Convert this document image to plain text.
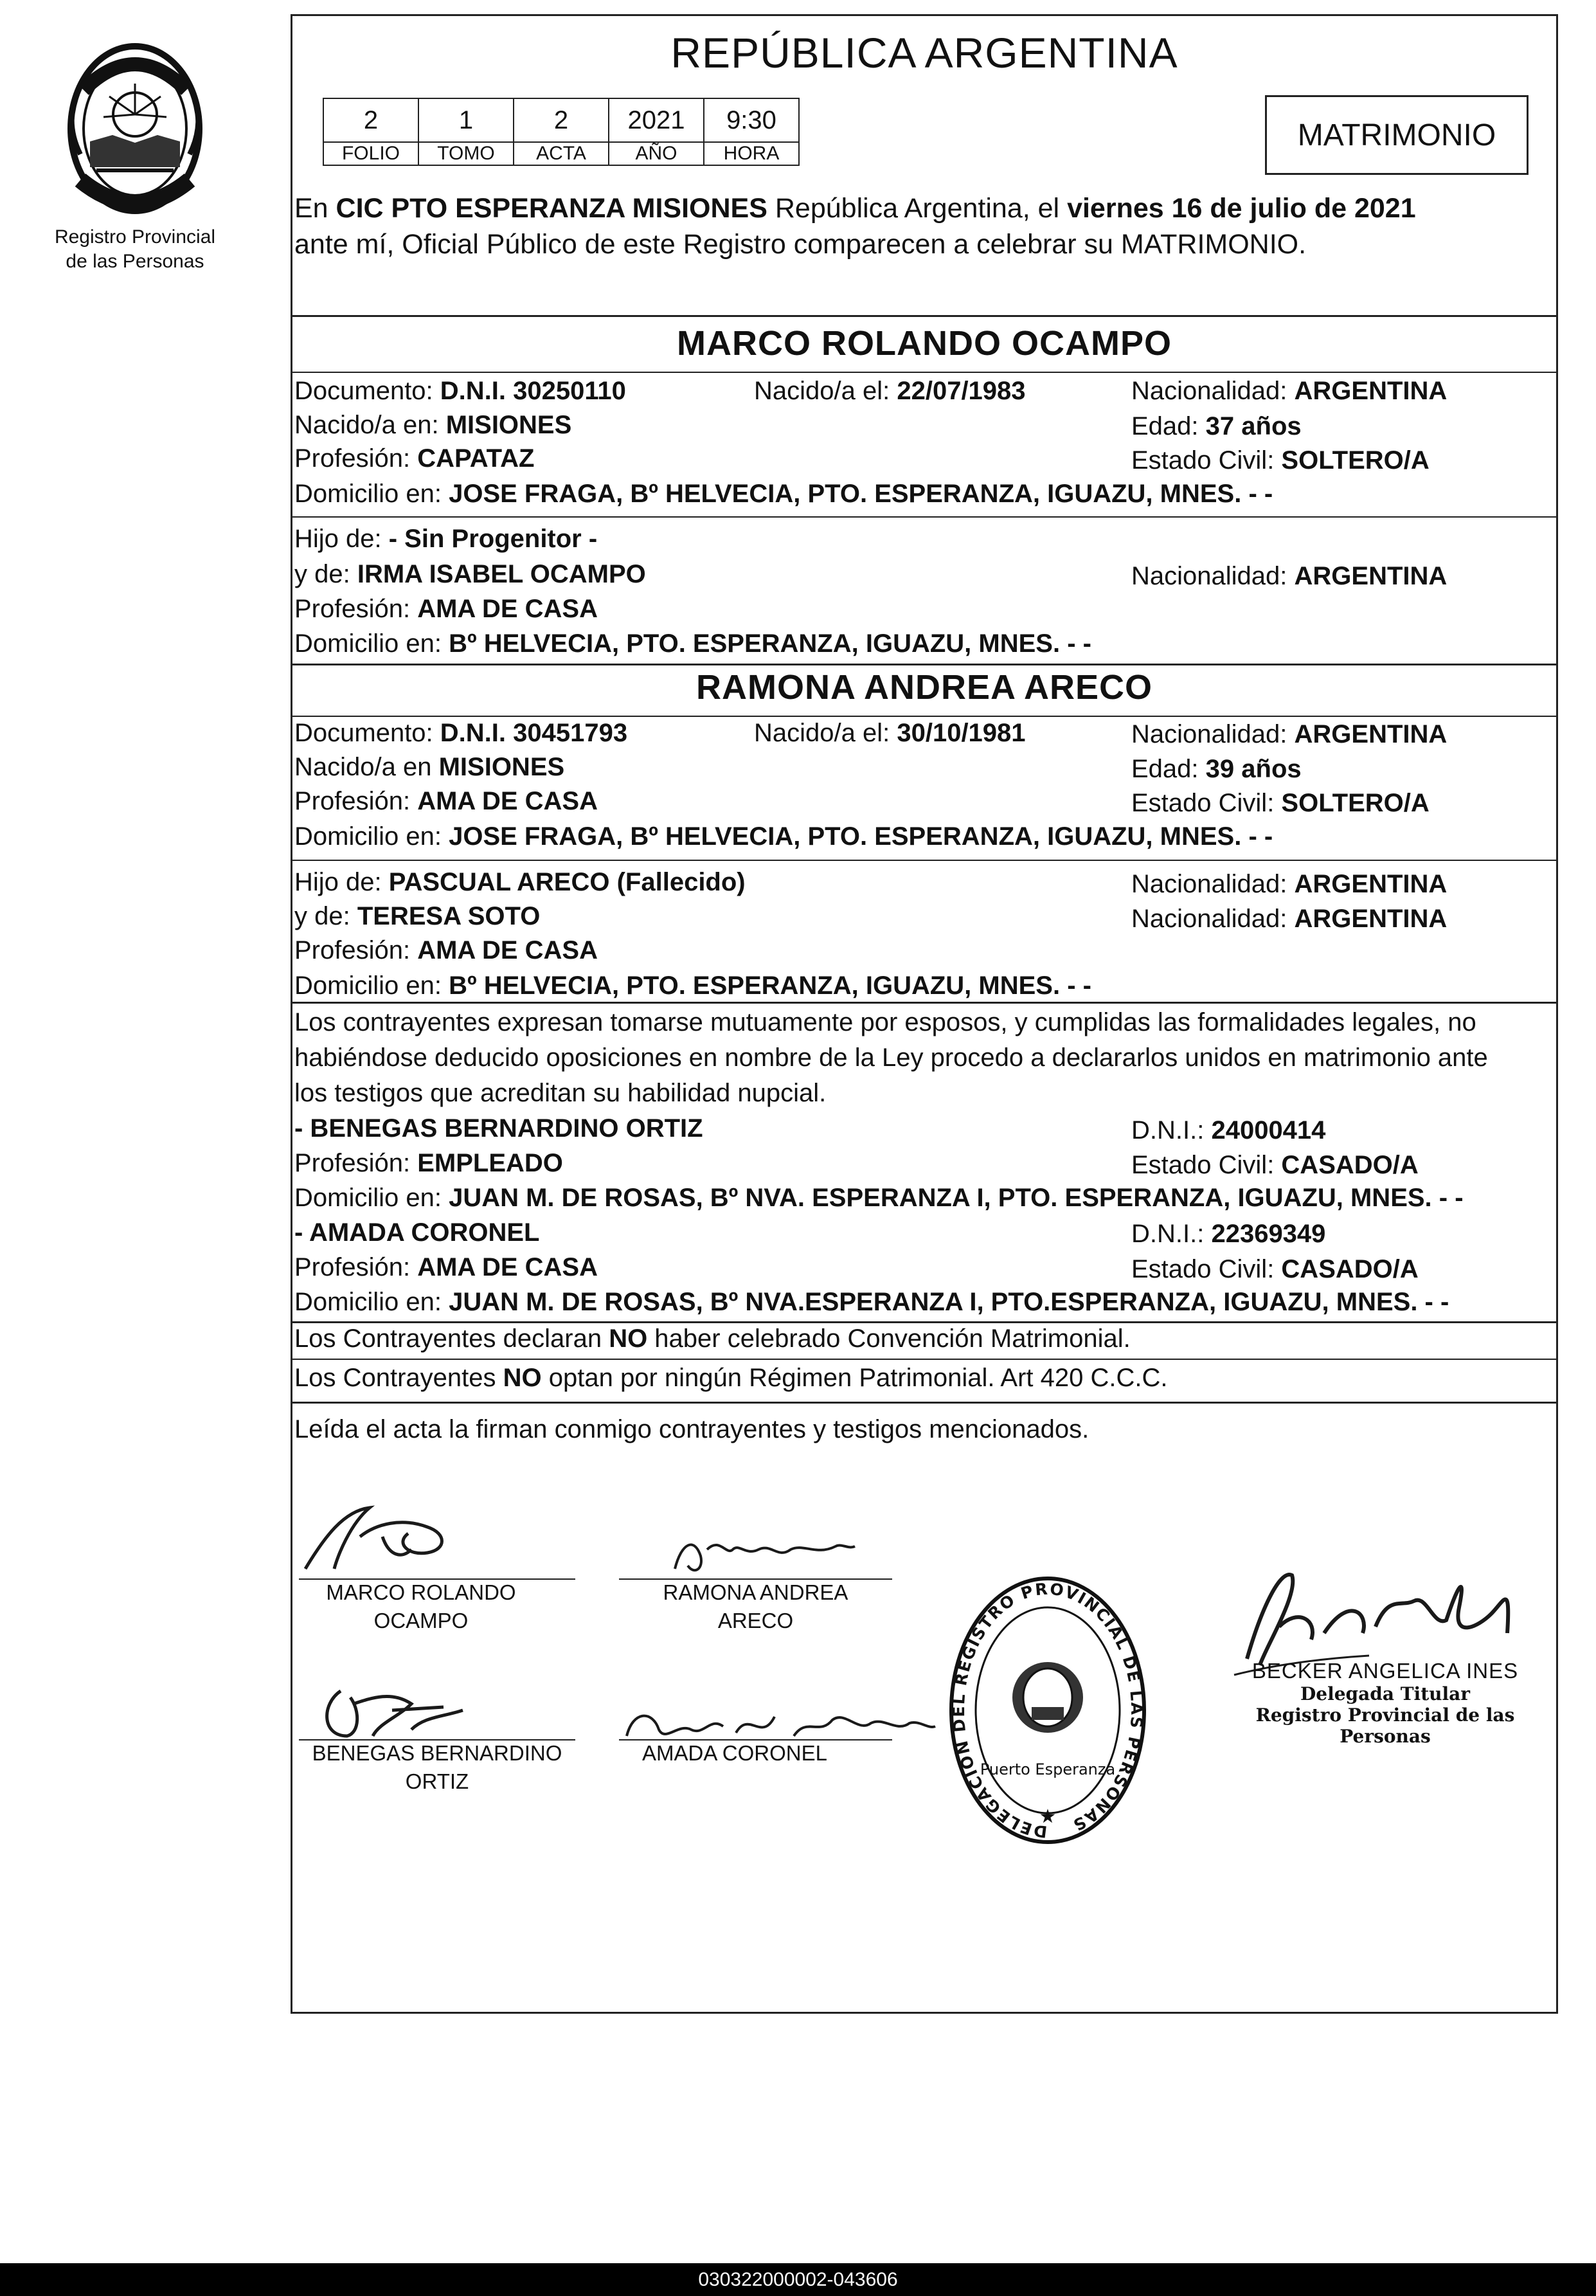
Registro Provincial
de las Personas
REPÚBLICA ARGENTINA
2	1	2	2021	9:30
FOLIO	TOMO	ACTA	AÑO	HORA
MATRIMONIO
En CIC PTO ESPERANZA MISIONES República Argentina, el viernes 16 de julio de 2021
ante mí, Oficial Público de este Registro comparecen a celebrar su MATRIMONIO.
MARCO ROLANDO OCAMPO
Documento: D.N.I. 30250110	Nacido/a el: 22/07/1983	Nacionalidad: ARGENTINA
Nacido/a en: MISIONES	Edad: 37 años
Profesión: CAPATAZ	Estado Civil: SOLTERO/A
Domicilio en: JOSE FRAGA, Bº HELVECIA, PTO. ESPERANZA, IGUAZU, MNES. - -
Hijo de: - Sin Progenitor -
y de: IRMA ISABEL OCAMPO	Nacionalidad: ARGENTINA
Profesión: AMA DE CASA
Domicilio en: Bº HELVECIA, PTO. ESPERANZA, IGUAZU, MNES. - -
RAMONA ANDREA ARECO
Documento: D.N.I. 30451793	Nacido/a el: 30/10/1981	Nacionalidad: ARGENTINA
Nacido/a en MISIONES	Edad: 39 años
Profesión: AMA DE CASA	Estado Civil: SOLTERO/A
Domicilio en: JOSE FRAGA, Bº HELVECIA, PTO. ESPERANZA, IGUAZU, MNES. - -
Hijo de: PASCUAL ARECO (Fallecido)	Nacionalidad: ARGENTINA
y de: TERESA SOTO	Nacionalidad: ARGENTINA
Profesión: AMA DE CASA
Domicilio en: Bº HELVECIA, PTO. ESPERANZA, IGUAZU, MNES. - -
Los contrayentes expresan tomarse mutuamente por esposos, y cumplidas las formalidades legales, no
habiéndose deducido oposiciones en nombre de la Ley procedo a declararlos unidos en matrimonio ante
los testigos que acreditan su habilidad nupcial.
- BENEGAS BERNARDINO ORTIZ	D.N.I.: 24000414
Profesión: EMPLEADO	Estado Civil: CASADO/A
Domicilio en: JUAN M. DE ROSAS, Bº NVA. ESPERANZA I, PTO. ESPERANZA, IGUAZU, MNES. - -
- AMADA CORONEL	D.N.I.: 22369349
Profesión: AMA DE CASA	Estado Civil: CASADO/A
Domicilio en: JUAN M. DE ROSAS, Bº NVA.ESPERANZA I, PTO.ESPERANZA, IGUAZU, MNES. - -
Los Contrayentes declaran NO haber celebrado Convención Matrimonial.
Los Contrayentes NO optan por ningún Régimen Patrimonial. Art 420 C.C.C.
Leída el acta la firman conmigo contrayentes y testigos mencionados.
MARCO ROLANDO
OCAMPO
RAMONA ANDREA
ARECO
BENEGAS BERNARDINO
ORTIZ
AMADA CORONEL
DELEGACION DEL REGISTRO PROVINCIAL DE LAS PERSONAS
Puerto Esperanza
★
BECKER ANGELICA INES
Delegada Titular
Registro Provincial de las Personas
030322000002-043606
